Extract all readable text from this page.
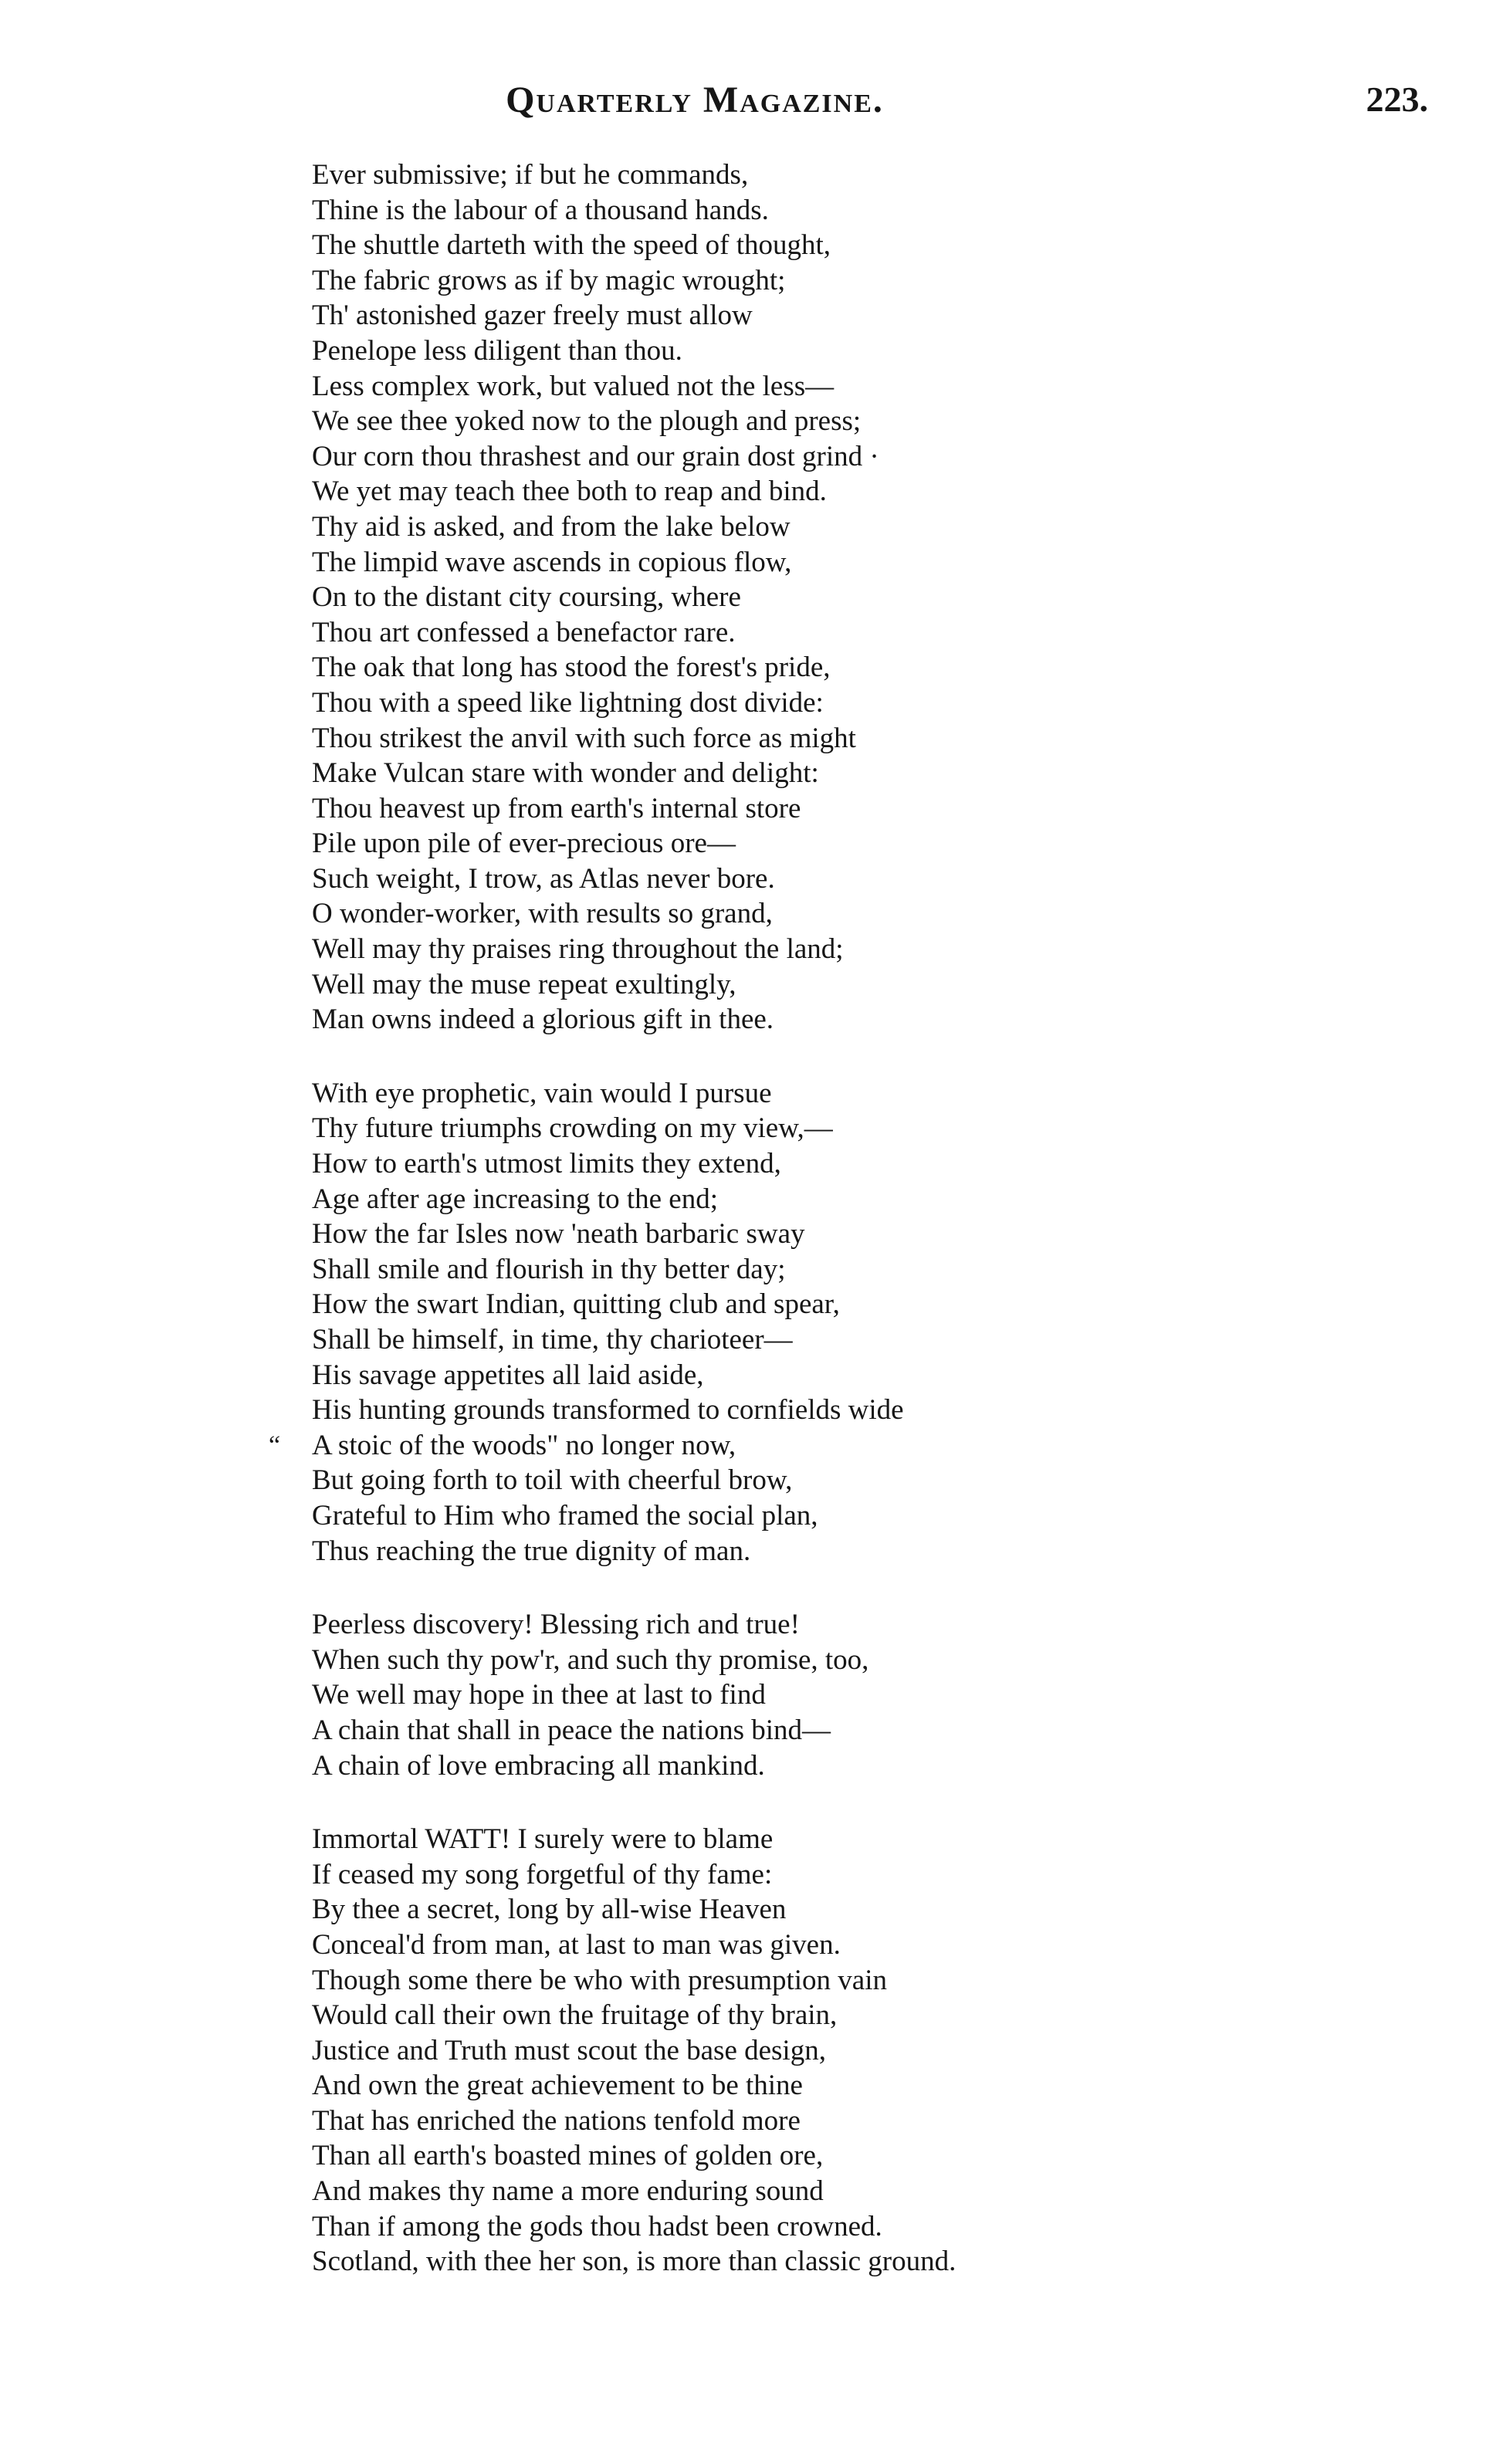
Quarterly Magazine.	223.
Ever submissive; if but he commands,
Thine is the labour of a thousand hands.
The shuttle darteth with the speed of thought,
The fabric grows as if by magic wrought;
Th' astonished gazer freely must allow
Penelope less diligent than thou.
Less complex work, but valued not the less—
We see thee yoked now to the plough and press;
Our corn thou thrashest and our grain dost grind ·
We yet may teach thee both to reap and bind.
Thy aid is asked, and from the lake below
The limpid wave ascends in copious flow,
On to the distant city coursing, where
Thou art confessed a benefactor rare.
The oak that long has stood the forest's pride,
Thou with a speed like lightning dost divide:
Thou strikest the anvil with such force as might
Make Vulcan stare with wonder and delight:
Thou heavest up from earth's internal store
Pile upon pile of ever-precious ore—
Such weight, I trow, as Atlas never bore.
O wonder-worker, with results so grand,
Well may thy praises ring throughout the land;
Well may the muse repeat exultingly,
Man owns indeed a glorious gift in thee.
With eye prophetic, vain would I pursue
Thy future triumphs crowding on my view,—
How to earth's utmost limits they extend,
Age after age increasing to the end;
How the far Isles now 'neath barbaric sway
Shall smile and flourish in thy better day;
How the swart Indian, quitting club and spear,
Shall be himself, in time, thy charioteer—
His savage appetites all laid aside,
His hunting grounds transformed to cornfields wide
A stoic of the woods" no longer now,
But going forth to toil with cheerful brow,
Grateful to Him who framed the social plan,
Thus reaching the true dignity of man.
Peerless discovery! Blessing rich and true!
When such thy pow'r, and such thy promise, too,
We well may hope in thee at last to find
A chain that shall in peace the nations bind—
A chain of love embracing all mankind.
Immortal WATT! I surely were to blame
If ceased my song forgetful of thy fame:
By thee a secret, long by all-wise Heaven
Conceal'd from man, at last to man was given.
Though some there be who with presumption vain
Would call their own the fruitage of thy brain,
Justice and Truth must scout the base design,
And own the great achievement to be thine
That has enriched the nations tenfold more
Than all earth's boasted mines of golden ore,
And makes thy name a more enduring sound
Than if among the gods thou hadst been crowned.
Scotland, with thee her son, is more than classic ground.
“
